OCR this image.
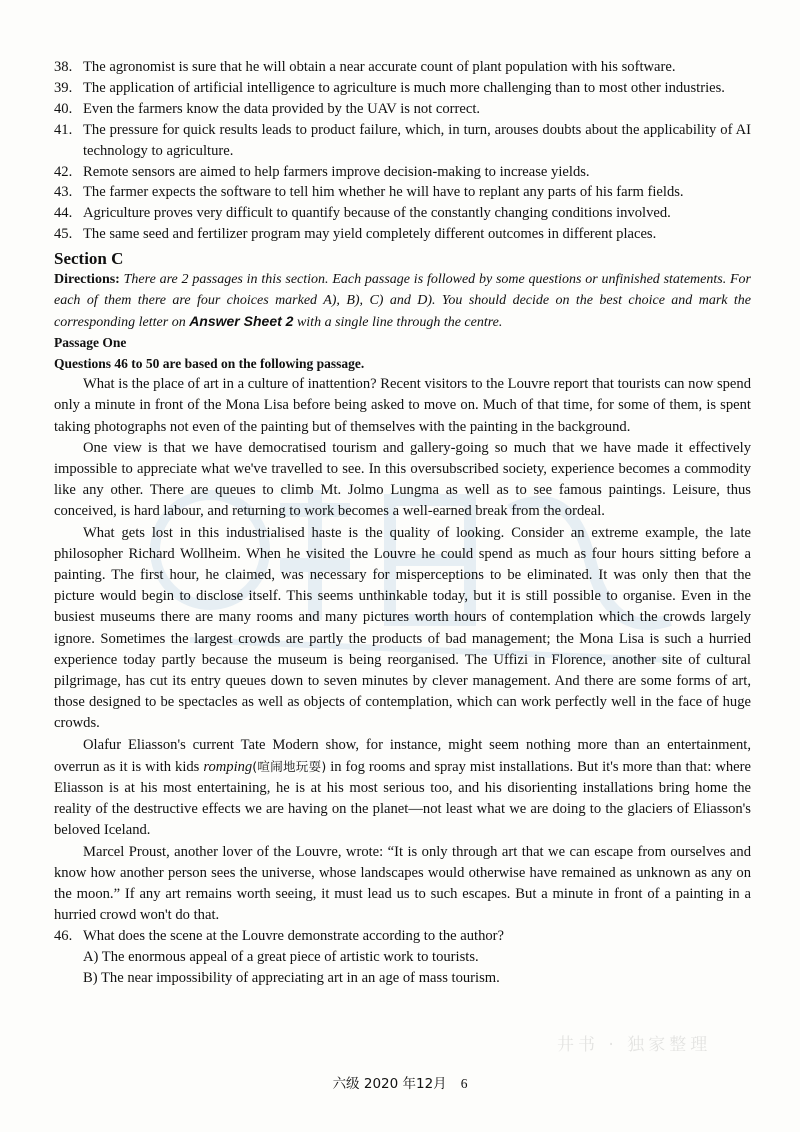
38. The agronomist is sure that he will obtain a near accurate count of plant population with his software.
39. The application of artificial intelligence to agriculture is much more challenging than to most other industries.
40. Even the farmers know the data provided by the UAV is not correct.
41. The pressure for quick results leads to product failure, which, in turn, arouses doubts about the applicability of AI technology to agriculture.
42. Remote sensors are aimed to help farmers improve decision-making to increase yields.
43. The farmer expects the software to tell him whether he will have to replant any parts of his farm fields.
44. Agriculture proves very difficult to quantify because of the constantly changing conditions involved.
45. The same seed and fertilizer program may yield completely different outcomes in different places.
Section C
Directions: There are 2 passages in this section. Each passage is followed by some questions or unfinished statements. For each of them there are four choices marked A), B), C) and D). You should decide on the best choice and mark the corresponding letter on Answer Sheet 2 with a single line through the centre.
Passage One
Questions 46 to 50 are based on the following passage.
What is the place of art in a culture of inattention? Recent visitors to the Louvre report that tourists can now spend only a minute in front of the Mona Lisa before being asked to move on. Much of that time, for some of them, is spent taking photographs not even of the painting but of themselves with the painting in the background.
One view is that we have democratised tourism and gallery-going so much that we have made it effectively impossible to appreciate what we've travelled to see. In this oversubscribed society, experience becomes a commodity like any other. There are queues to climb Mt. Jolmo Lungma as well as to see famous paintings. Leisure, thus conceived, is hard labour, and returning to work becomes a well-earned break from the ordeal.
What gets lost in this industrialised haste is the quality of looking. Consider an extreme example, the late philosopher Richard Wollheim. When he visited the Louvre he could spend as much as four hours sitting before a painting. The first hour, he claimed, was necessary for misperceptions to be eliminated. It was only then that the picture would begin to disclose itself. This seems unthinkable today, but it is still possible to organise. Even in the busiest museums there are many rooms and many pictures worth hours of contemplation which the crowds largely ignore. Sometimes the largest crowds are partly the products of bad management; the Mona Lisa is such a hurried experience today partly because the museum is being reorganised. The Uffizi in Florence, another site of cultural pilgrimage, has cut its entry queues down to seven minutes by clever management. And there are some forms of art, those designed to be spectacles as well as objects of contemplation, which can work perfectly well in the face of huge crowds.
Olafur Eliasson's current Tate Modern show, for instance, might seem nothing more than an entertainment, overrun as it is with kids romping(喧闹地玩耍) in fog rooms and spray mist installations. But it's more than that: where Eliasson is at his most entertaining, he is at his most serious too, and his disorienting installations bring home the reality of the destructive effects we are having on the planet—not least what we are doing to the glaciers of Eliasson's beloved Iceland.
Marcel Proust, another lover of the Louvre, wrote: “It is only through art that we can escape from ourselves and know how another person sees the universe, whose landscapes would otherwise have remained as unknown as any on the moon.” If any art remains worth seeing, it must lead us to such escapes. But a minute in front of a painting in a hurried crowd won't do that.
46. What does the scene at the Louvre demonstrate according to the author?
A) The enormous appeal of a great piece of artistic work to tourists.
B) The near impossibility of appreciating art in an age of mass tourism.
井书 · 独家整理
六级 2020 年12月 6
